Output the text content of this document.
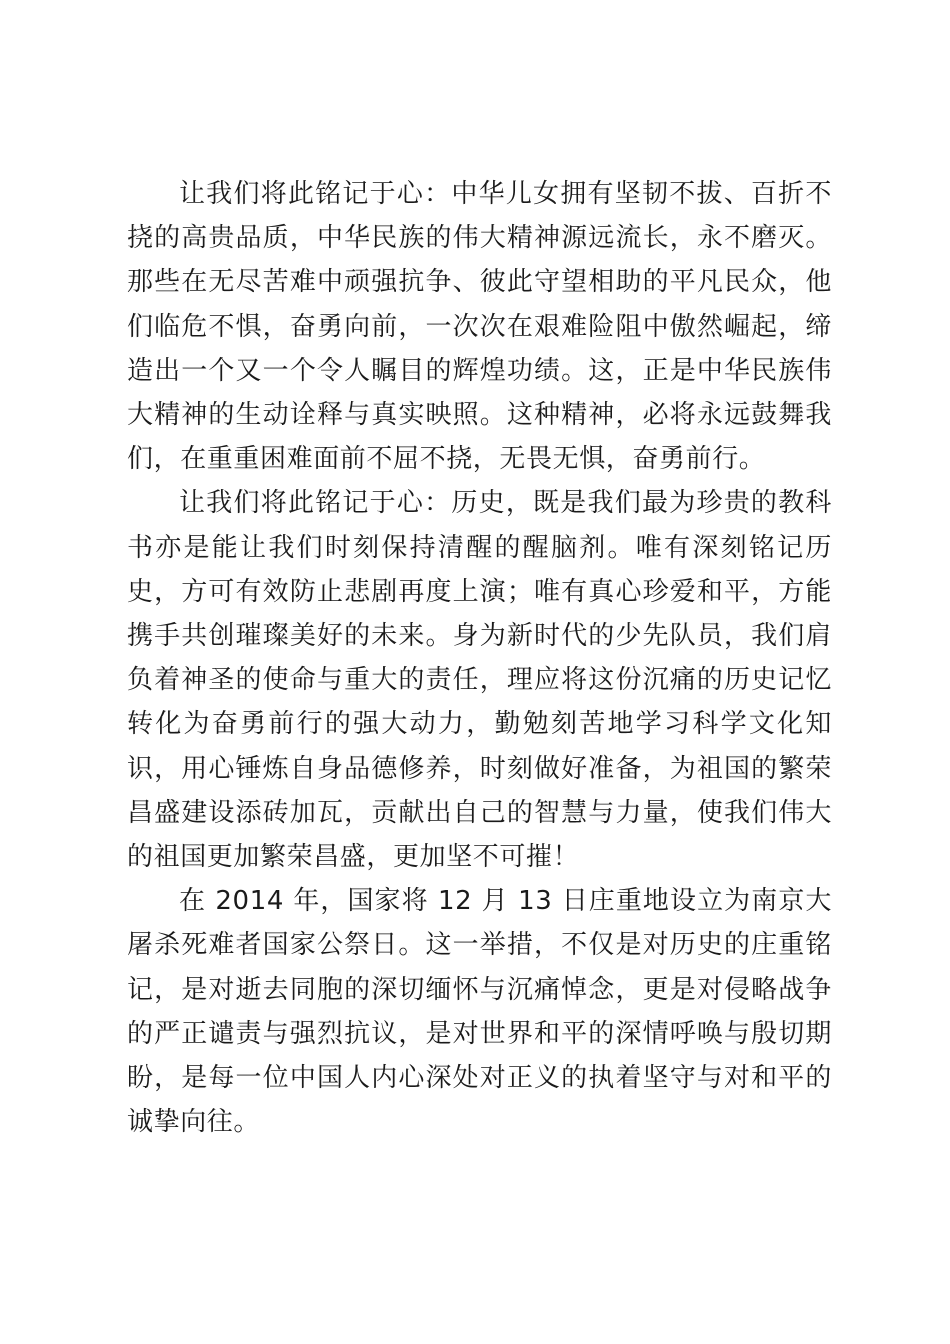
让我们将此铭记于心：中华儿女拥有坚韧不拔、百折不挠的高贵品质，中华民族的伟大精神源远流长，永不磨灭。那些在无尽苦难中顽强抗争、彼此守望相助的平凡民众，他们临危不惧，奋勇向前，一次次在艰难险阻中傲然崛起，缔造出一个又一个令人瞩目的辉煌功绩。这，正是中华民族伟大精神的生动诠释与真实映照。这种精神，必将永远鼓舞我们，在重重困难面前不屈不挠，无畏无惧，奋勇前行。

让我们将此铭记于心：历史，既是我们最为珍贵的教科书亦是能让我们时刻保持清醒的醒脑剂。唯有深刻铭记历史，方可有效防止悲剧再度上演；唯有真心珍爱和平，方能携手共创璀璨美好的未来。身为新时代的少先队员，我们肩负着神圣的使命与重大的责任，理应将这份沉痛的历史记忆转化为奋勇前行的强大动力，勤勉刻苦地学习科学文化知识，用心锤炼自身品德修养，时刻做好准备，为祖国的繁荣昌盛建设添砖加瓦，贡献出自己的智慧与力量，使我们伟大的祖国更加繁荣昌盛，更加坚不可摧！

在 2014 年，国家将 12 月 13 日庄重地设立为南京大屠杀死难者国家公祭日。这一举措，不仅是对历史的庄重铭记，是对逝去同胞的深切缅怀与沉痛悼念，更是对侵略战争的严正谴责与强烈抗议，是对世界和平的深情呼唤与殷切期盼，是每一位中国人内心深处对正义的执着坚守与对和平的诚挚向往。
